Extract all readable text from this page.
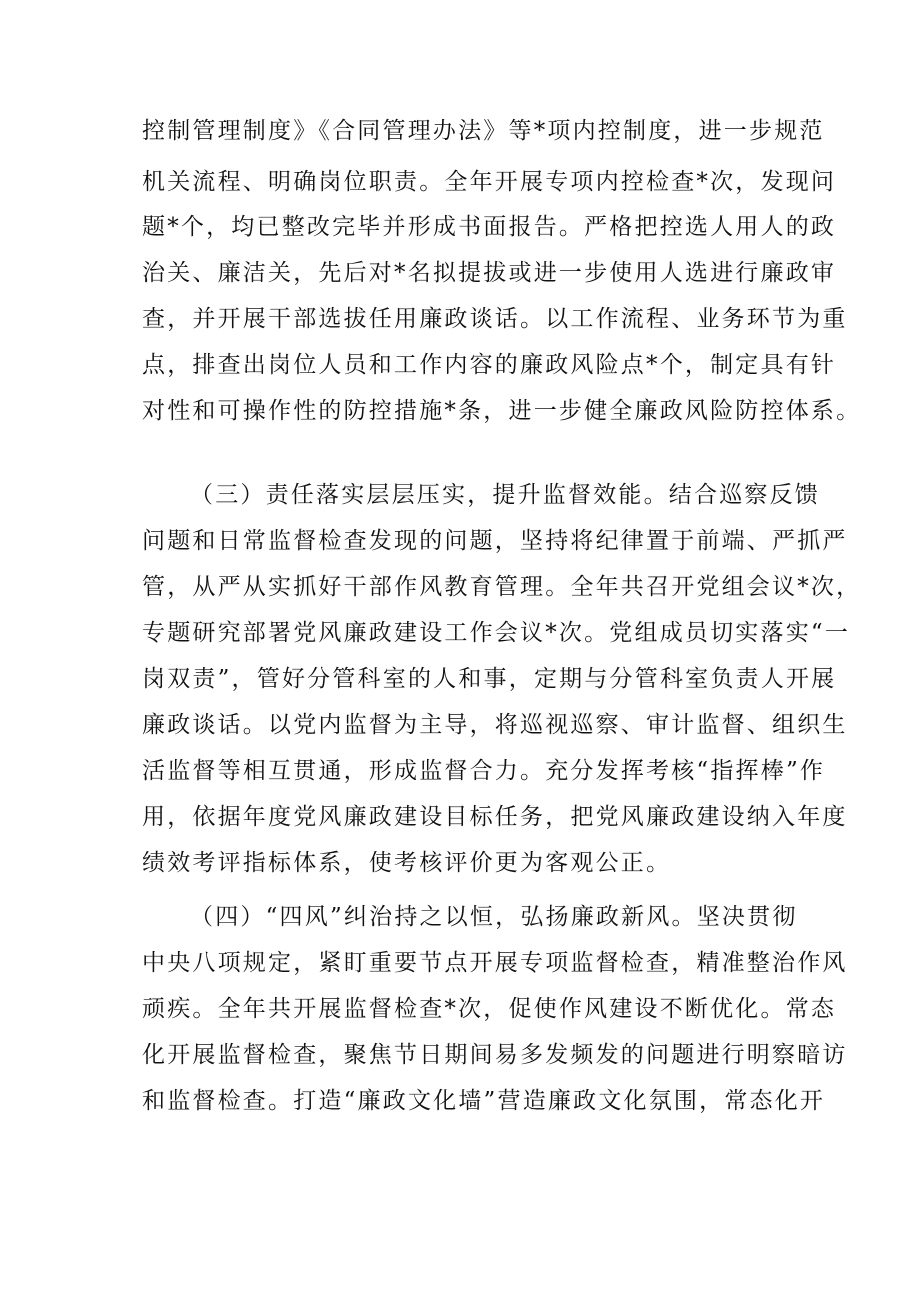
控制管理制度》《合同管理办法》等*项内控制度，进一步规范
机关流程、明确岗位职责。全年开展专项内控检查*次，发现问
题*个，均已整改完毕并形成书面报告。严格把控选人用人的政
治关、廉洁关，先后对*名拟提拔或进一步使用人选进行廉政审
查，并开展干部选拔任用廉政谈话。以工作流程、业务环节为重
点，排查出岗位人员和工作内容的廉政风险点*个，制定具有针
对性和可操作性的防控措施*条，进一步健全廉政风险防控体系。
（三）责任落实层层压实，提升监督效能。结合巡察反馈
问题和日常监督检查发现的问题，坚持将纪律置于前端、严抓严
管，从严从实抓好干部作风教育管理。全年共召开党组会议*次，
专题研究部署党风廉政建设工作会议*次。党组成员切实落实“一
岗双责”，管好分管科室的人和事，定期与分管科室负责人开展
廉政谈话。以党内监督为主导，将巡视巡察、审计监督、组织生
活监督等相互贯通，形成监督合力。充分发挥考核“指挥棒”作
用，依据年度党风廉政建设目标任务，把党风廉政建设纳入年度
绩效考评指标体系，使考核评价更为客观公正。
（四）“四风”纠治持之以恒，弘扬廉政新风。坚决贯彻
中央八项规定，紧盯重要节点开展专项监督检查，精准整治作风
顽疾。全年共开展监督检查*次，促使作风建设不断优化。常态
化开展监督检查，聚焦节日期间易多发频发的问题进行明察暗访
和监督检查。打造“廉政文化墙”营造廉政文化氛围，常态化开
